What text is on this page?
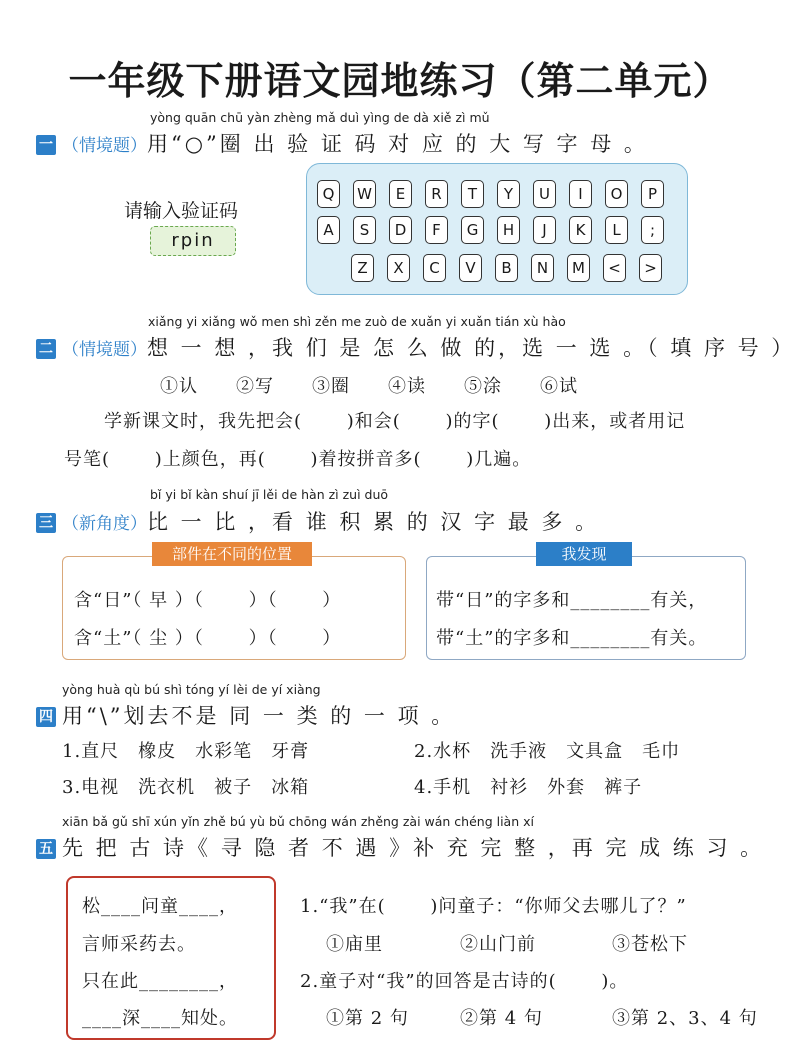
一年级下册语文园地练习（第二单元）
yòng quān chū yàn zhèng mǎ duì yìng de dà xiě zì mǔ
一 （情境题）用“○”圈 出 验 证 码 对 应 的 大 写 字 母 。
请输入验证码
rpin
Q	W	E	R	T	Y	U	I	O	P
A	S	D	F	G	H	J	K	L	;
Z	X	C	V	B	N	M	<	>
xiǎng yi xiǎng wǒ men shì zěn me zuò de xuǎn yi xuǎn tián xù hào
二 （情境题）想 一 想 ，我 们 是 怎 么 做 的，选 一 选 。（ 填 序 号 ）
①认　　②写　　③圈　　④读　　⑤涂　　⑥试
学新课文时，我先把会(　　 )和会(　　 )的字(　　 )出来，或者用记
号笔(　　 )上颜色，再(　　 )着按拼音多(　　 )几遍。
bǐ yi bǐ kàn shuí jī lěi de hàn zì zuì duō
三 （新角度）比 一 比 ，看 谁 积 累 的 汉 字 最 多 。
部件在不同的位置
含“日”（ 早 ）（　　 ）（　　 ）
含“土”（ 尘 ）（　　 ）（　　 ）
我发现
带“日”的字多和________有关，
带“土”的字多和________有关。
yòng huà qù bú shì tóng yí lèi de yí xiàng
四 用“\”划去不是 同 一 类 的 一 项 。
1.直尺　橡皮　水彩笔　牙膏	2.水杯　洗手液　文具盒　毛巾
3.电视　洗衣机　被子　冰箱	4.手机　衬衫　外套　裤子
xiān bǎ gǔ shī xún yǐn zhě bú yù bǔ chōng wán zhěng zài wán chéng liàn xí
五 先 把 古 诗《 寻 隐 者 不 遇 》补 充 完 整 ，再 完 成 练 习 。
松____问童____，
言师采药去。
只在此________，
____深____知处。
1.“我”在(　　 )问童子：“你师父去哪儿了？”
①庙里	②山门前	③苍松下
2.童子对“我”的回答是古诗的(　　 )。
①第 2 句	②第 4 句	③第 2、3、4 句
